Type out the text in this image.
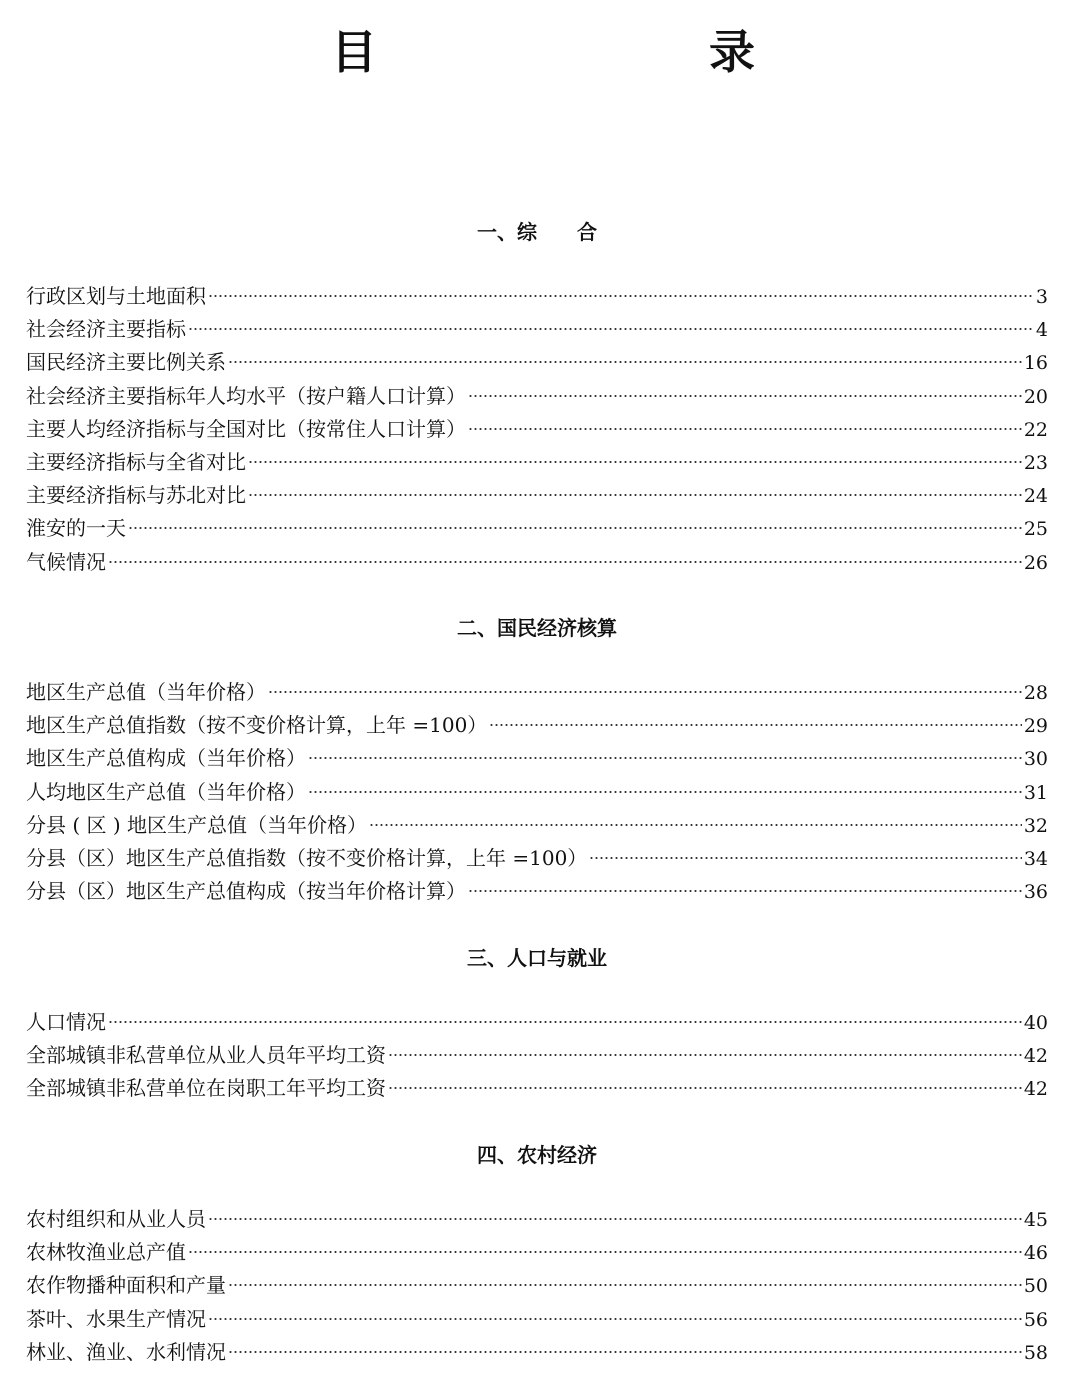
目　　录
一、综　　合
行政区划与土地面积	3
社会经济主要指标	4
国民经济主要比例关系	16
社会经济主要指标年人均水平（按户籍人口计算）	20
主要人均经济指标与全国对比（按常住人口计算）	22
主要经济指标与全省对比	23
主要经济指标与苏北对比	24
淮安的一天	25
气候情况	26
二、国民经济核算
地区生产总值（当年价格）	28
地区生产总值指数（按不变价格计算，上年 =100）	29
地区生产总值构成（当年价格）	30
人均地区生产总值（当年价格）	31
分县 ( 区 ) 地区生产总值（当年价格）	32
分县（区）地区生产总值指数（按不变价格计算，上年 =100）	34
分县（区）地区生产总值构成（按当年价格计算）	36
三、人口与就业
人口情况	40
全部城镇非私营单位从业人员年平均工资	42
全部城镇非私营单位在岗职工年平均工资	42
四、农村经济
农村组织和从业人员	45
农林牧渔业总产值	46
农作物播种面积和产量	50
茶叶、水果生产情况	56
林业、渔业、水利情况	58
